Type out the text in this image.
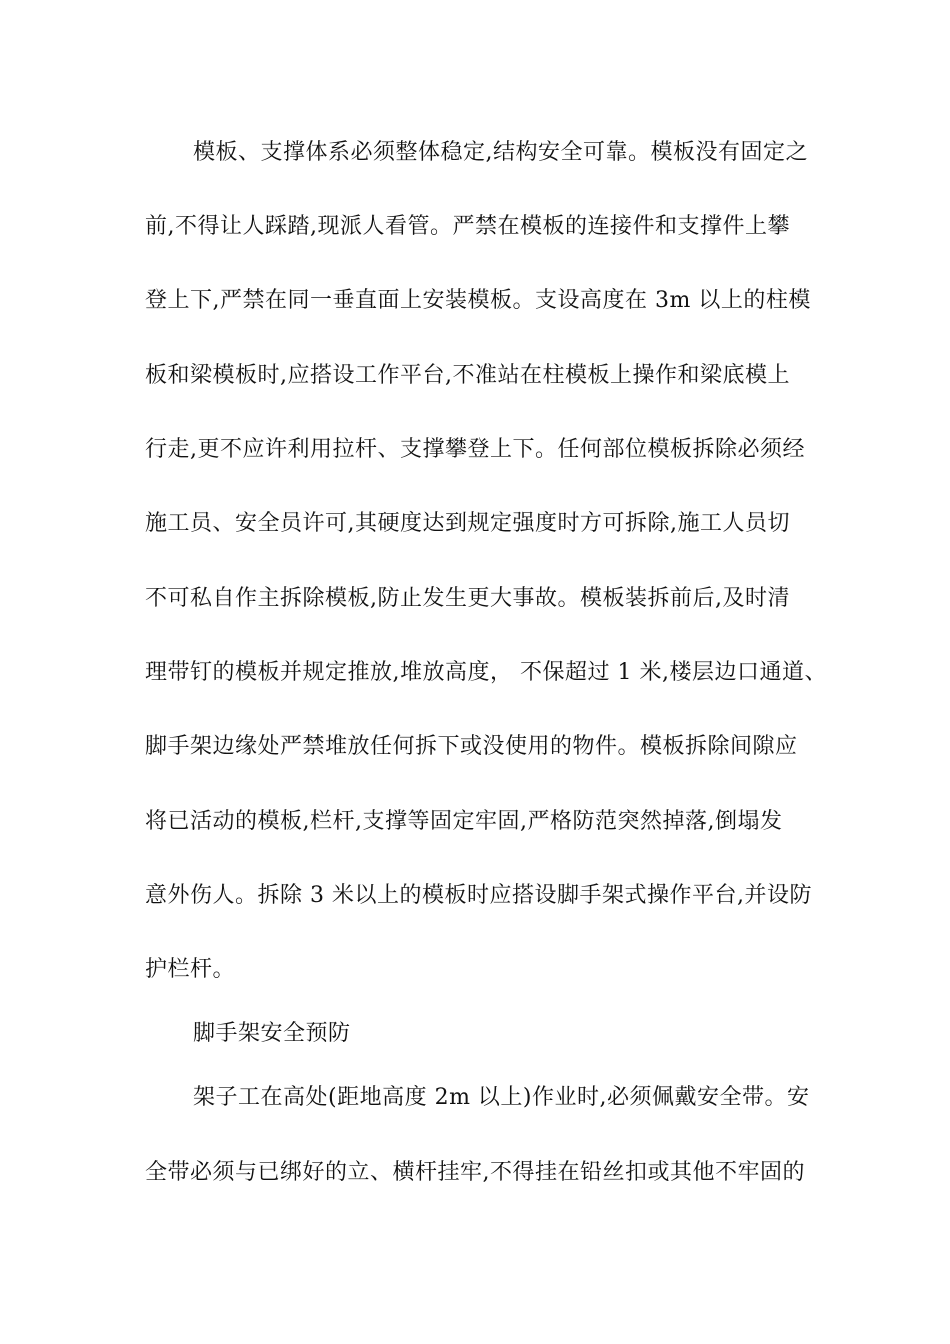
模板、支撑体系必须整体稳定,结构安全可靠。模板没有固定之
前,不得让人踩踏,现派人看管。严禁在模板的连接件和支撑件上攀
登上下,严禁在同一垂直面上安装模板。支设高度在 3m 以上的柱模
板和梁模板时,应搭设工作平台,不准站在柱模板上操作和梁底模上
行走,更不应许利用拉杆、支撑攀登上下。任何部位模板拆除必须经
施工员、安全员许可,其硬度达到规定强度时方可拆除,施工人员切
不可私自作主拆除模板,防止发生更大事故。模板装拆前后,及时清
理带钉的模板并规定推放,堆放高度， 不保超过 1 米,楼层边口通道、
脚手架边缘处严禁堆放任何拆下或没使用的物件。模板拆除间隙应
将已活动的模板,栏杆,支撑等固定牢固,严格防范突然掉落,倒塌发
意外伤人。拆除 3 米以上的模板时应搭设脚手架式操作平台,并设防
护栏杆。
脚手架安全预防
架子工在高处(距地高度 2m 以上)作业时,必须佩戴安全带。安
全带必须与已绑好的立、横杆挂牢,不得挂在铅丝扣或其他不牢固的
